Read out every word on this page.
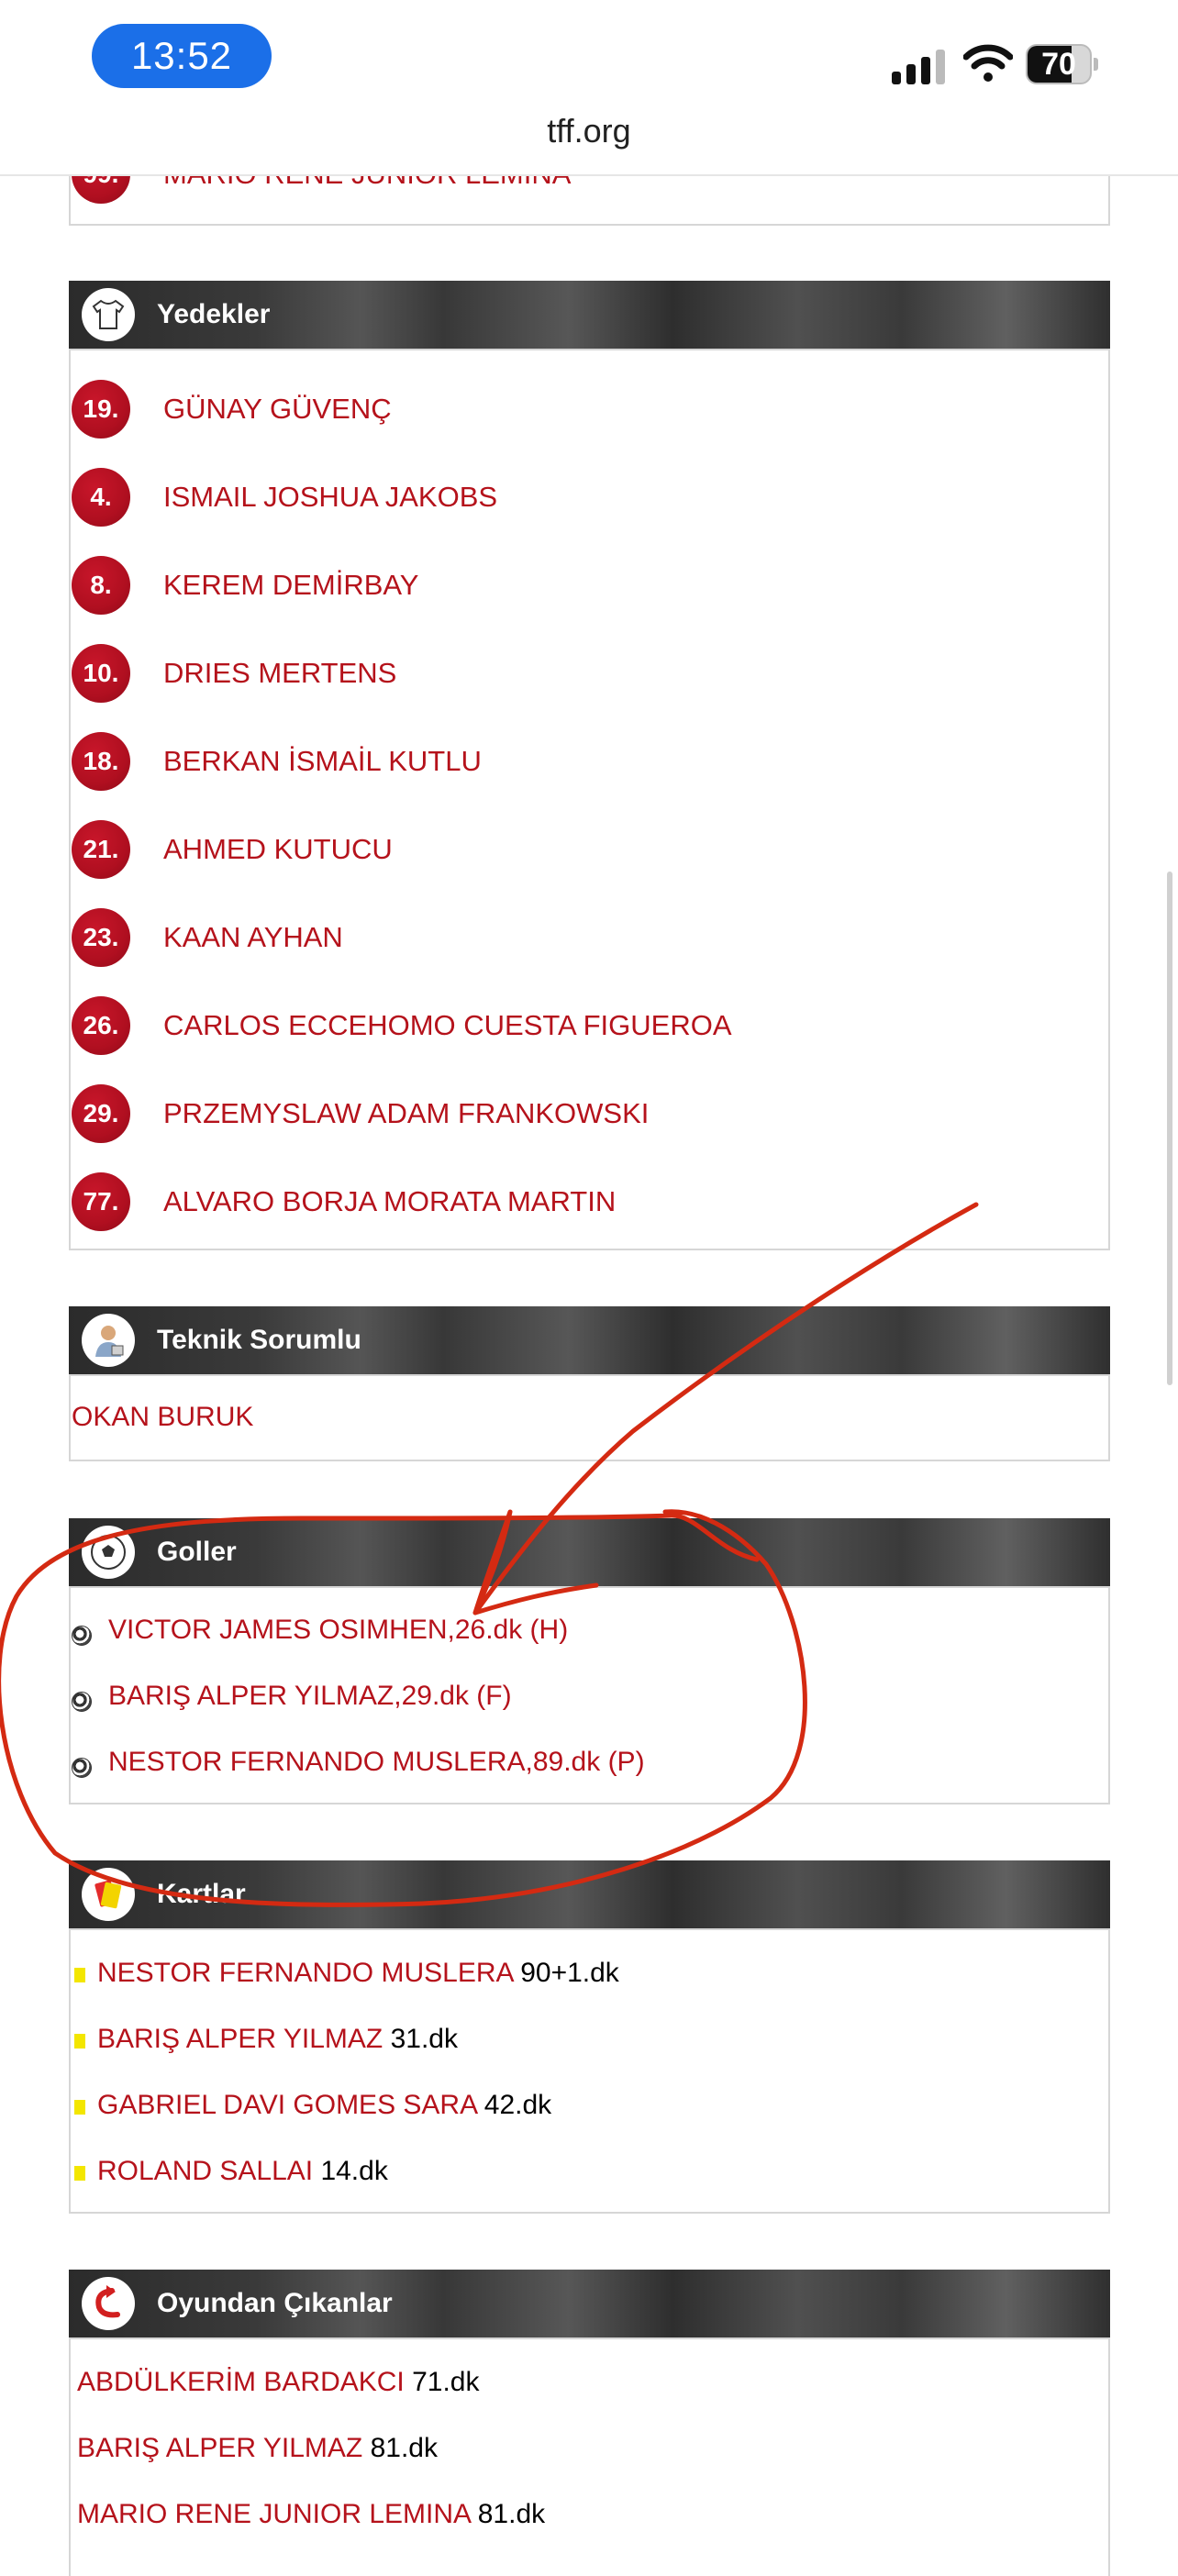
13:52	70
tff.org
Yedekler
19.	GÜNAY GÜVENÇ
4.	ISMAIL JOSHUA JAKOBS
8.	KEREM DEMİRBAY
10.	DRIES MERTENS
18.	BERKAN İSMAİL KUTLU
21.	AHMED KUTUCU
23.	KAAN AYHAN
26.	CARLOS ECCEHOMO CUESTA FIGUEROA
29.	PRZEMYSLAW ADAM FRANKOWSKI
77.	ALVARO BORJA MORATA MARTIN
Teknik Sorumlu
OKAN BURUK
Goller
VICTOR JAMES OSIMHEN,26.dk (H)
BARIŞ ALPER YILMAZ,29.dk (F)
NESTOR FERNANDO MUSLERA,89.dk (P)
Kartlar
NESTOR FERNANDO MUSLERA 90+1.dk
BARIŞ ALPER YILMAZ 31.dk
GABRIEL DAVI GOMES SARA 42.dk
ROLAND SALLAI 14.dk
Oyundan Çıkanlar
ABDÜLKERİM BARDAKCI 71.dk
BARIŞ ALPER YILMAZ 81.dk
MARIO RENE JUNIOR LEMINA 81.dk
